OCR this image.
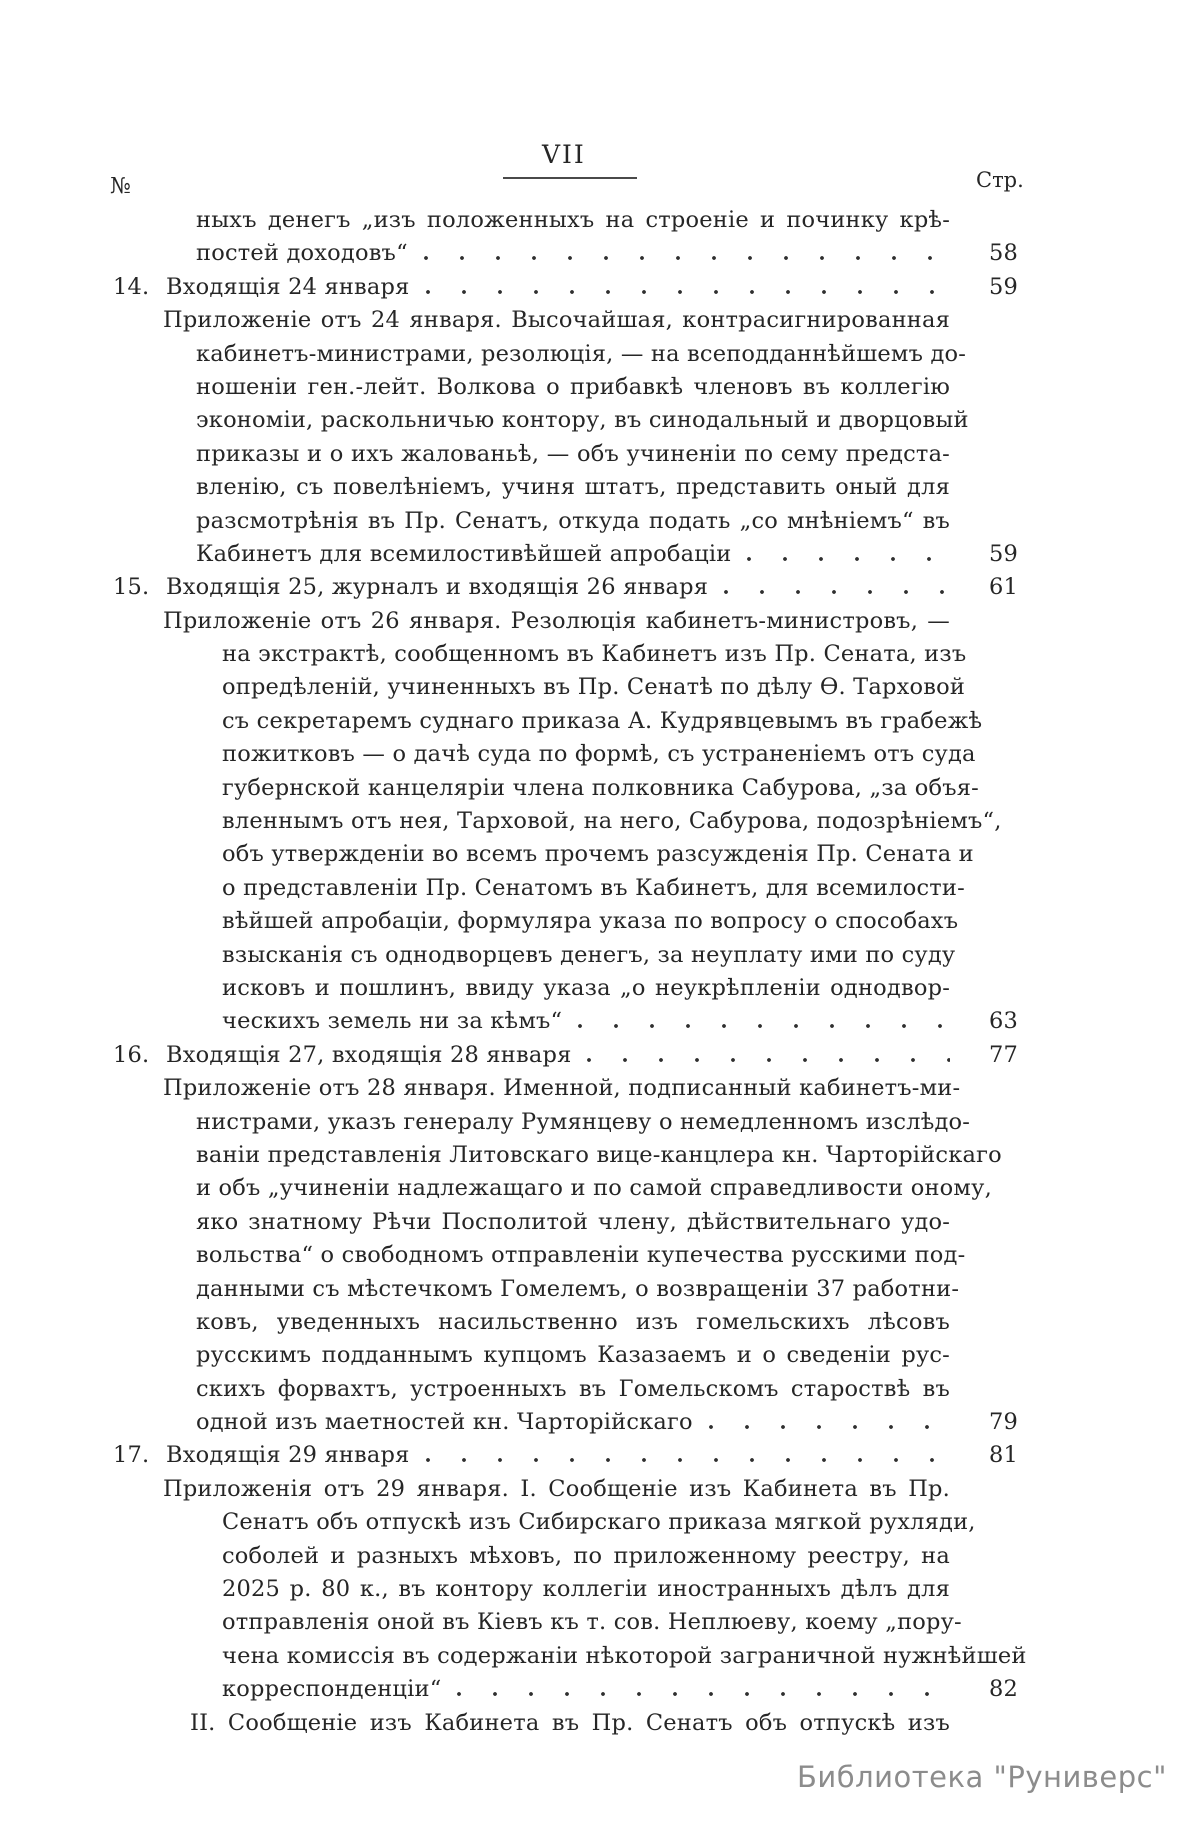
VII
№	Стр.
ныхъ денегъ „изъ положенныхъ на строеніе и починку крѣ-
постей доходовъ“	58
14. Входящія 24 января	59
Приложеніе отъ 24 января. Высочайшая, контрасигнированная
кабинетъ-министрами, резолюція, — на всеподданнѣйшемъ до-
ношеніи ген.-лейт. Волкова о прибавкѣ членовъ въ коллегію
экономіи, раскольничью контору, въ синодальный и дворцовый
приказы и о ихъ жалованьѣ, — объ учиненіи по сему предста-
вленію, съ повелѣніемъ, учиня штатъ, представить оный для
разсмотрѣнія въ Пр. Сенатъ, откуда подать „со мнѣніемъ“ въ
Кабинетъ для всемилостивѣйшей апробаціи	59
15. Входящія 25, журналъ и входящія 26 января	61
Приложеніе отъ 26 января. Резолюція кабинетъ-министровъ, —
на экстрактѣ, сообщенномъ въ Кабинетъ изъ Пр. Сената, изъ
опредѣленій, учиненныхъ въ Пр. Сенатѣ по дѣлу Ѳ. Тарховой
съ секретаремъ суднаго приказа А. Кудрявцевымъ въ грабежѣ
пожитковъ — о дачѣ суда по формѣ, съ устраненіемъ отъ суда
губернской канцеляріи члена полковника Сабурова, „за объя-
вленнымъ отъ нея, Тарховой, на него, Сабурова, подозрѣніемъ“,
объ утвержденіи во всемъ прочемъ разсужденія Пр. Сената и
о представленіи Пр. Сенатомъ въ Кабинетъ, для всемилости-
вѣйшей апробаціи, формуляра указа по вопросу о способахъ
взысканія съ однодворцевъ денегъ, за неуплату ими по суду
исковъ и пошлинъ, ввиду указа „о неукрѣпленіи однодвор-
ческихъ земель ни за кѣмъ“	63
16. Входящія 27, входящія 28 января	77
Приложеніе отъ 28 января. Именной, подписанный кабинетъ-ми-
нистрами, указъ генералу Румянцеву о немедленномъ изслѣдо-
ваніи представленія Литовскаго вице-канцлера кн. Чарторійскаго
и объ „учиненіи надлежащаго и по самой справедливости оному,
яко знатному Рѣчи Посполитой члену, дѣйствительнаго удо-
вольства“ о свободномъ отправленіи купечества русскими под-
данными съ мѣстечкомъ Гомелемъ, о возвращеніи 37 работни-
ковъ, уведенныхъ насильственно изъ гомельскихъ лѣсовъ
русскимъ подданнымъ купцомъ Казазаемъ и о сведеніи рус-
скихъ форвахтъ, устроенныхъ въ Гомельскомъ староствѣ въ
одной изъ маетностей кн. Чарторійскаго	79
17. Входящія 29 января	81
Приложенія отъ 29 января. I. Сообщеніе изъ Кабинета въ Пр.
Сенатъ объ отпускѣ изъ Сибирскаго приказа мягкой рухляди,
соболей и разныхъ мѣховъ, по приложенному реестру, на
2025 р. 80 к., въ контору коллегіи иностранныхъ дѣлъ для
отправленія оной въ Кіевъ къ т. сов. Неплюеву, коему „пору-
чена комиссія въ содержаніи нѣкоторой заграничной нужнѣйшей
корреспонденціи“	82
II. Сообщеніе изъ Кабинета въ Пр. Сенатъ объ отпускѣ изъ
Библиотека "Руниверс"
